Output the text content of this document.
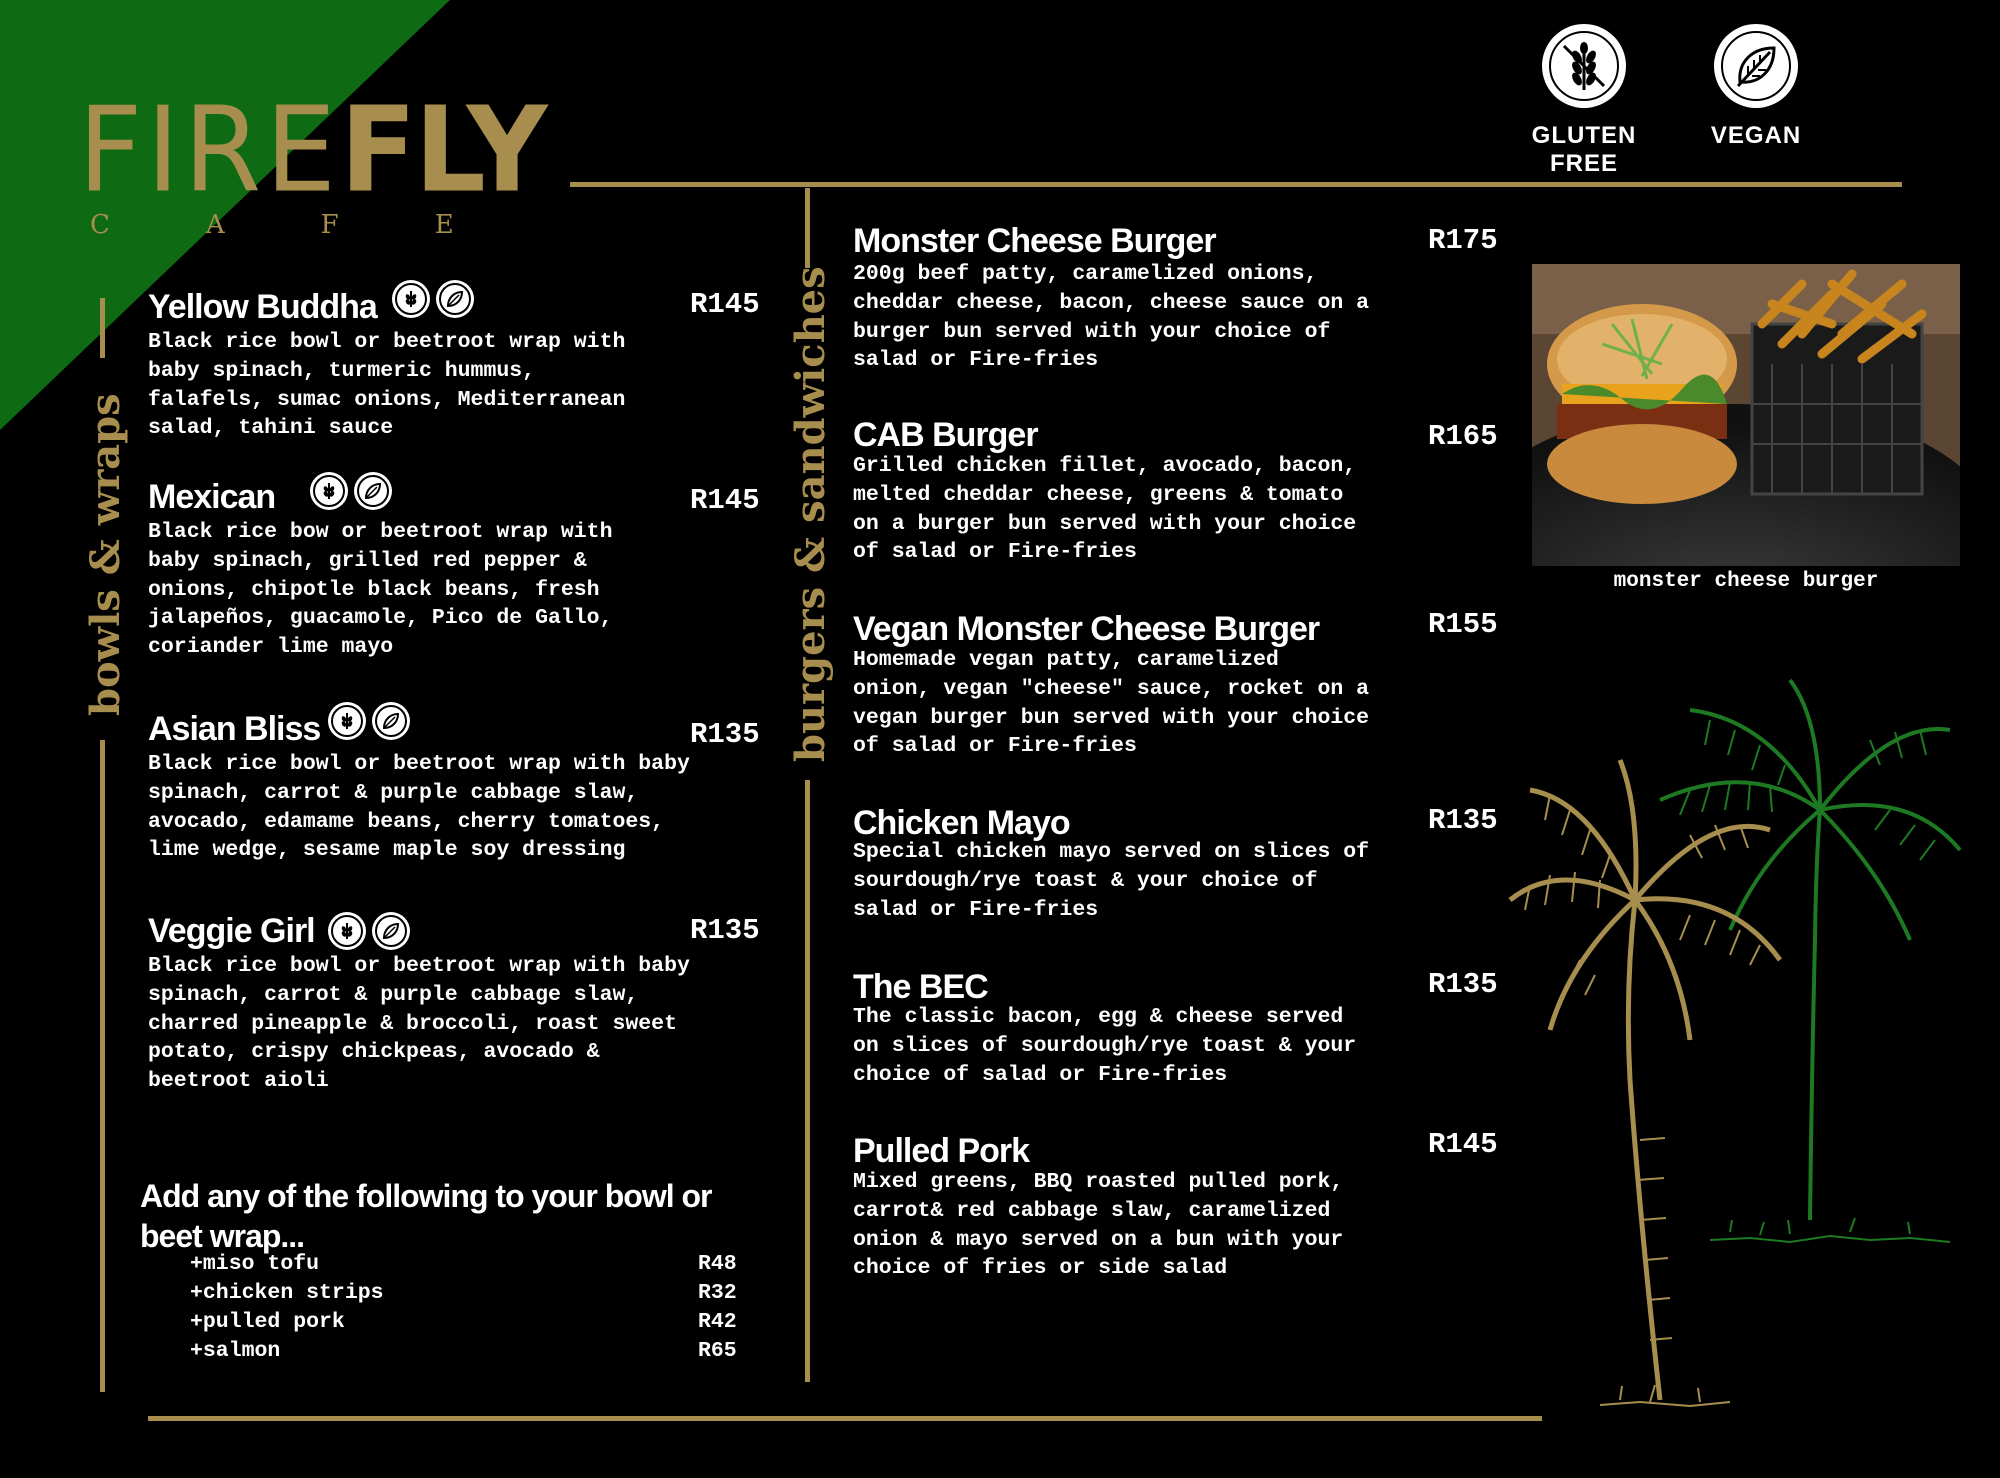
FIREFLY
CAFE
GLUTEN FREE
VEGAN
bowls & wraps	burgers & sandwiches
Yellow Buddha	R145
Black rice bowl or beetroot wrap with
baby spinach, turmeric hummus,
falafels, sumac onions, Mediterranean
salad, tahini sauce
Mexican	R145
Black rice bow or beetroot wrap with
baby spinach, grilled red pepper &
onions, chipotle black beans, fresh
jalapeños, guacamole, Pico de Gallo,
coriander lime mayo
Asian Bliss	R135
Black rice bowl or beetroot wrap with baby
spinach, carrot & purple cabbage slaw,
avocado, edamame beans, cherry tomatoes,
lime wedge, sesame maple soy dressing
Veggie Girl	R135
Black rice bowl or beetroot wrap with baby
spinach, carrot & purple cabbage slaw,
charred pineapple & broccoli, roast sweet
potato, crispy chickpeas, avocado &
beetroot aioli
Add any of the following to your bowl or beet wrap...
+miso tofu	R48
+chicken strips	R32
+pulled pork	R42
+salmon	R65
Monster Cheese Burger	R175
200g beef patty, caramelized onions,
cheddar cheese, bacon, cheese sauce on a
burger bun served with your choice of
salad or Fire-fries
CAB Burger	R165
Grilled chicken fillet, avocado, bacon,
melted cheddar cheese, greens & tomato
on a burger bun served with your choice
of salad or Fire-fries
Vegan Monster Cheese Burger	R155
Homemade vegan patty, caramelized
onion, vegan "cheese" sauce, rocket on a
vegan burger bun served with your choice
of salad or Fire-fries
Chicken Mayo	R135
Special chicken mayo served on slices of
sourdough/rye toast & your choice of
salad or Fire-fries
The BEC	R135
The classic bacon, egg & cheese served
on slices of sourdough/rye toast & your
choice of salad or Fire-fries
Pulled Pork	R145
Mixed greens, BBQ roasted pulled pork,
carrot& red cabbage slaw, caramelized
onion & mayo served on a bun with your
choice of fries or side salad
monster cheese burger
